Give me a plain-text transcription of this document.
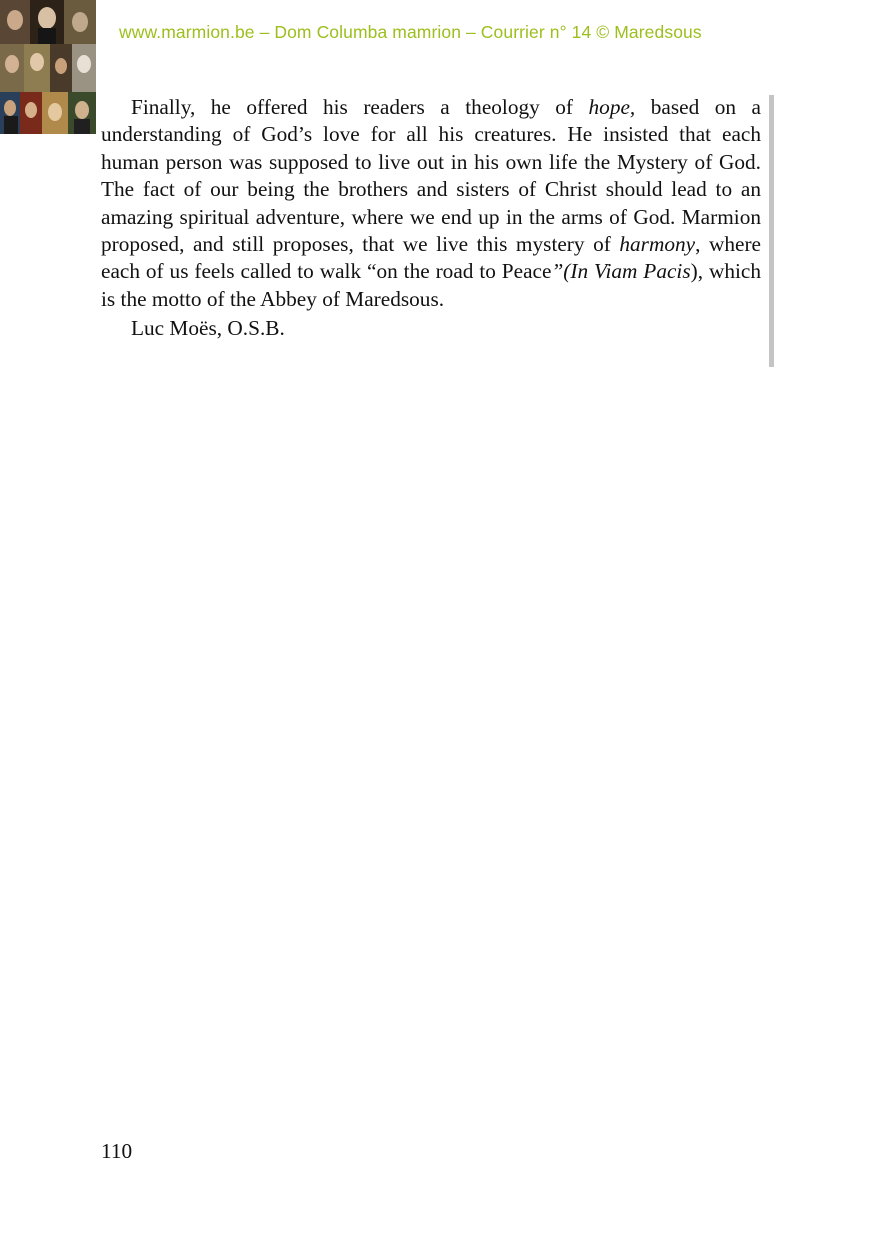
www.marmion.be – Dom Columba mamrion – Courrier n° 14 © Maredsous

Finally, he offered his readers a theology of hope, based on a understanding of God’s love for all his creatures. He insisted that each human person was supposed to live out in his own life the Mystery of God. The fact of our being the brothers and sisters of Christ should lead to an amazing spiritual adventure, where we end up in the arms of God. Marmion proposed, and still proposes, that we live this mystery of harmony, where each of us feels called to walk “on the road to Peace”(In Viam Pacis), which is the motto of the Abbey of Maredsous.

Luc Moës, O.S.B.

110
